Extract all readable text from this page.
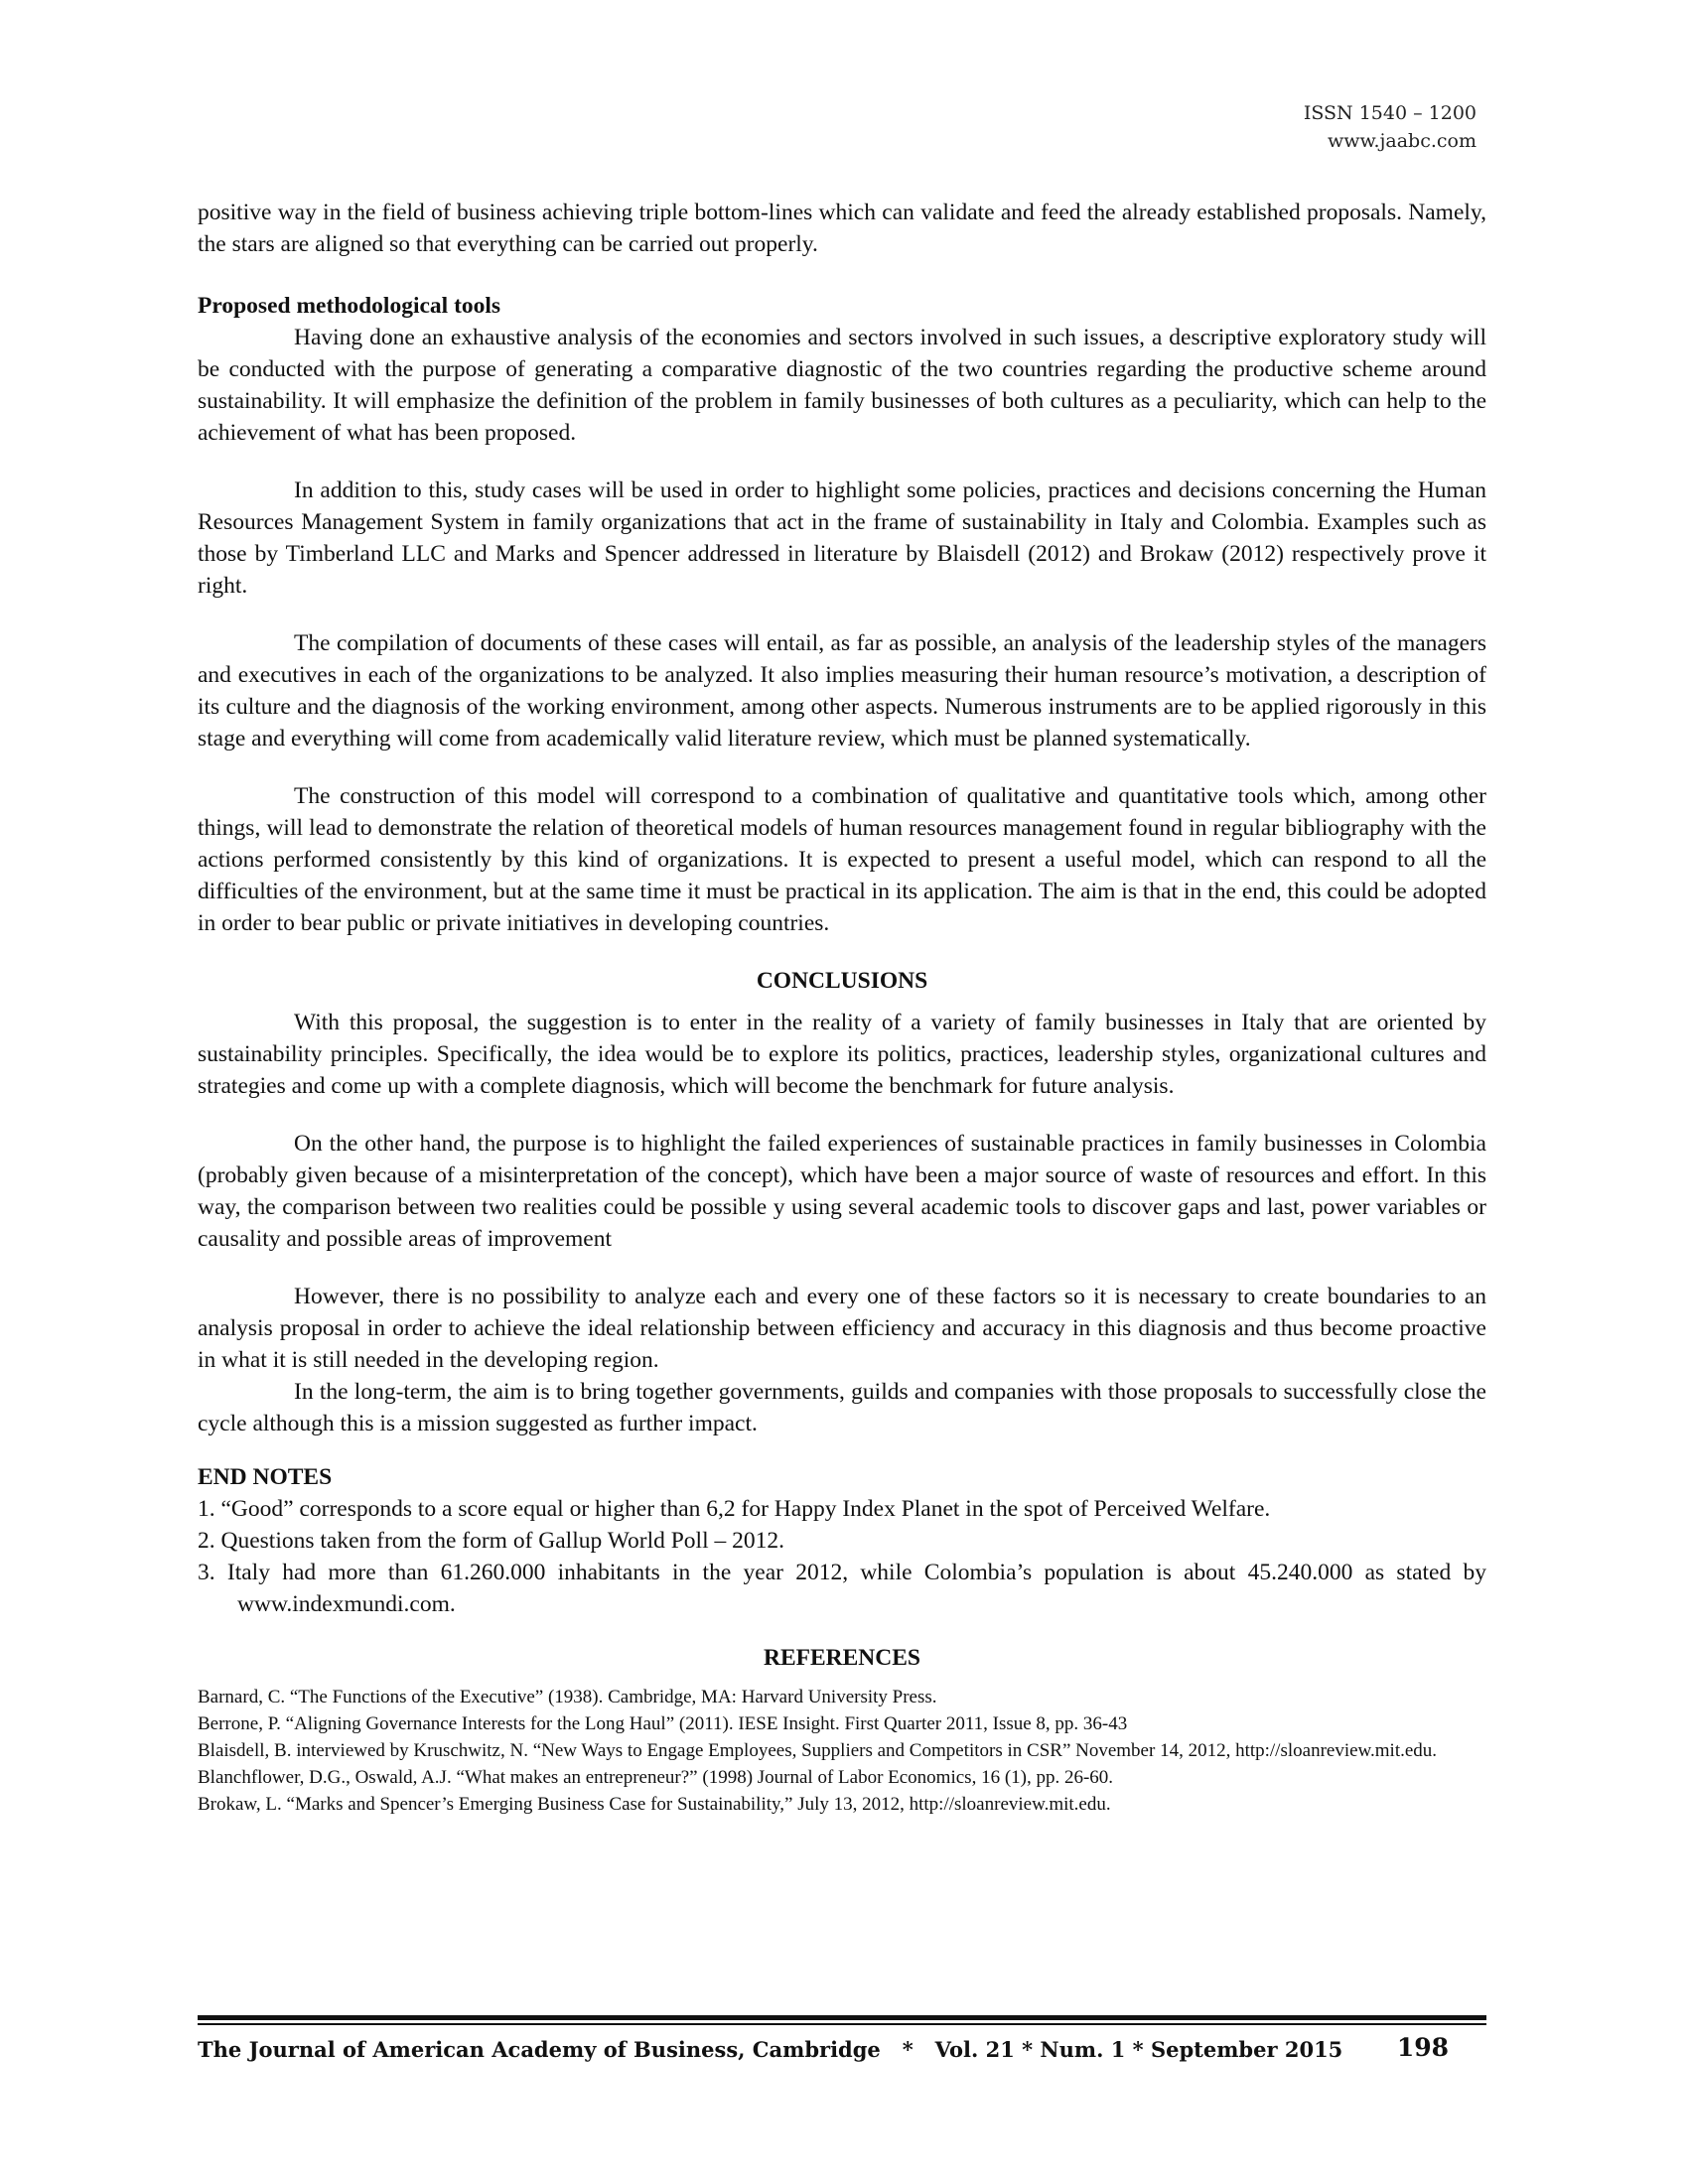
ISSN 1540 – 1200
www.jaabc.com

positive way in the field of business achieving triple bottom-lines which can validate and feed the already established proposals. Namely, the stars are aligned so that everything can be carried out properly.

Proposed methodological tools

Having done an exhaustive analysis of the economies and sectors involved in such issues, a descriptive exploratory study will be conducted with the purpose of generating a comparative diagnostic of the two countries regarding the productive scheme around sustainability. It will emphasize the definition of the problem in family businesses of both cultures as a peculiarity, which can help to the achievement of what has been proposed.

In addition to this, study cases will be used in order to highlight some policies, practices and decisions concerning the Human Resources Management System in family organizations that act in the frame of sustainability in Italy and Colombia. Examples such as those by Timberland LLC and Marks and Spencer addressed in literature by Blaisdell (2012) and Brokaw (2012) respectively prove it right.

The compilation of documents of these cases will entail, as far as possible, an analysis of the leadership styles of the managers and executives in each of the organizations to be analyzed. It also implies measuring their human resource’s motivation, a description of its culture and the diagnosis of the working environment, among other aspects. Numerous instruments are to be applied rigorously in this stage and everything will come from academically valid literature review, which must be planned systematically.

The construction of this model will correspond to a combination of qualitative and quantitative tools which, among other things, will lead to demonstrate the relation of theoretical models of human resources management found in regular bibliography with the actions performed consistently by this kind of organizations. It is expected to present a useful model, which can respond to all the difficulties of the environment, but at the same time it must be practical in its application. The aim is that in the end, this could be adopted in order to bear public or private initiatives in developing countries.

CONCLUSIONS

With this proposal, the suggestion is to enter in the reality of a variety of family businesses in Italy that are oriented by sustainability principles. Specifically, the idea would be to explore its politics, practices, leadership styles, organizational cultures and strategies and come up with a complete diagnosis, which will become the benchmark for future analysis.

On the other hand, the purpose is to highlight the failed experiences of sustainable practices in family businesses in Colombia (probably given because of a misinterpretation of the concept), which have been a major source of waste of resources and effort. In this way, the comparison between two realities could be possible y using several academic tools to discover gaps and last, power variables or causality and possible areas of improvement

However, there is no possibility to analyze each and every one of these factors so it is necessary to create boundaries to an analysis proposal in order to achieve the ideal relationship between efficiency and accuracy in this diagnosis and thus become proactive in what it is still needed in the developing region.

In the long-term, the aim is to bring together governments, guilds and companies with those proposals to successfully close the cycle although this is a mission suggested as further impact.

END NOTES

1. “Good” corresponds to a score equal or higher than 6,2 for Happy Index Planet in the spot of Perceived Welfare.

2. Questions taken from the form of Gallup World Poll – 2012.

3. Italy had more than 61.260.000 inhabitants in the year 2012, while Colombia’s population is about 45.240.000 as stated by www.indexmundi.com.

REFERENCES

Barnard, C. “The Functions of the Executive” (1938). Cambridge, MA: Harvard University Press.

Berrone, P. “Aligning Governance Interests for the Long Haul” (2011). IESE Insight. First Quarter 2011, Issue 8, pp. 36-43

Blaisdell, B. interviewed by Kruschwitz, N. “New Ways to Engage Employees, Suppliers and Competitors in CSR” November 14, 2012, http://sloanreview.mit.edu.

Blanchflower, D.G., Oswald, A.J. “What makes an entrepreneur?” (1998) Journal of Labor Economics, 16 (1), pp. 26-60.

Brokaw, L. “Marks and Spencer’s Emerging Business Case for Sustainability,” July 13, 2012, http://sloanreview.mit.edu.

The Journal of American Academy of Business, Cambridge   *   Vol. 21 * Num. 1 * September 2015 198
